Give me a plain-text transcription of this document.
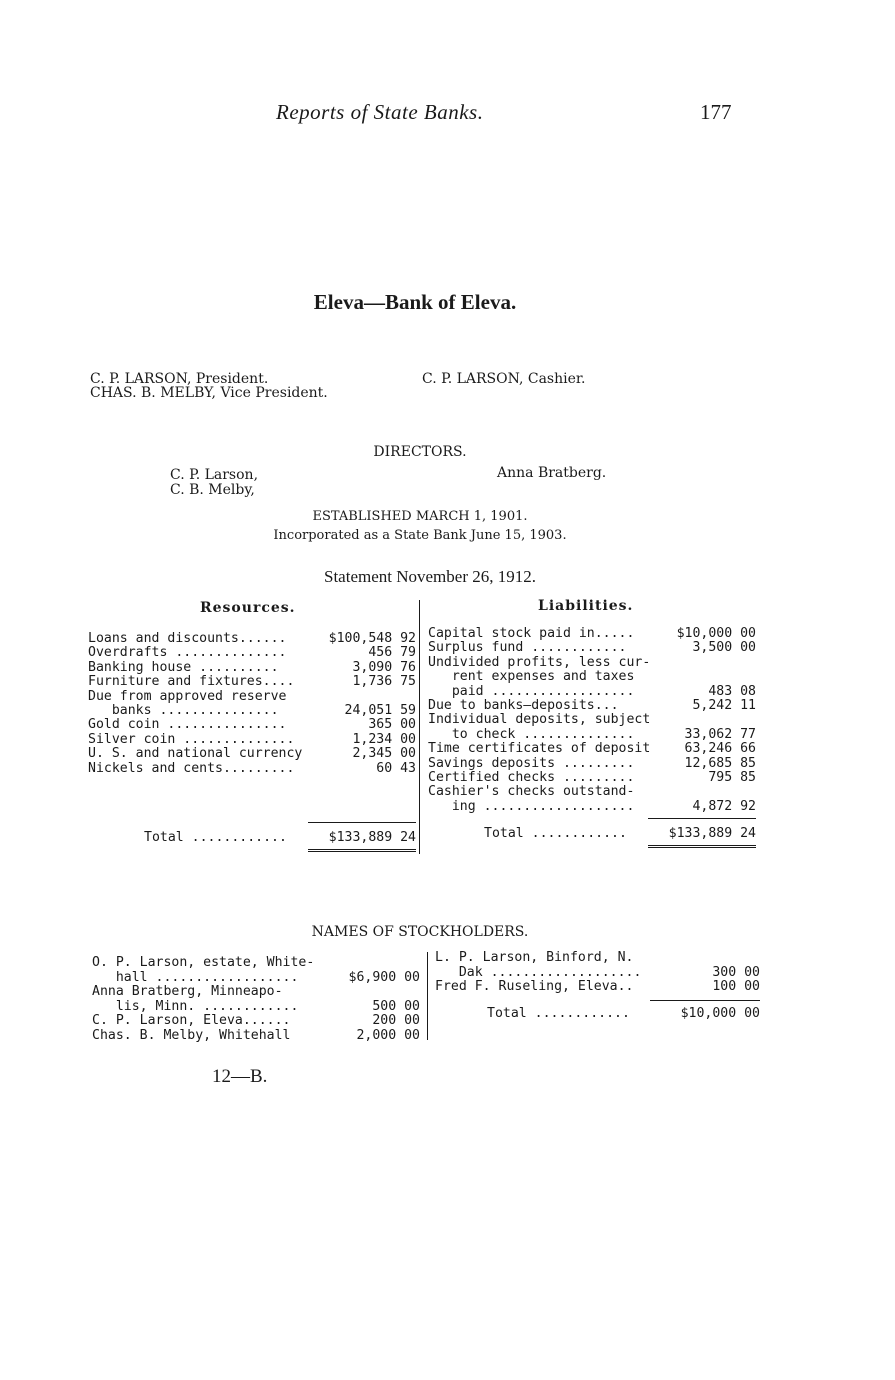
Reports of State Banks.	177
Eleva—Bank of Eleva.
C. P. LARSON, President.
CHAS. B. MELBY, Vice President.
C. P. LARSON, Cashier.
DIRECTORS.
C. P. Larson,
C. B. Melby,
Anna Bratberg.
ESTABLISHED MARCH 1, 1901.
Incorporated as a State Bank June 15, 1903.
Statement November 26, 1912.
Resources.	Liabilities.
Loans and discounts......	$100,548 92
Overdrafts ..............	456 79
Banking house ..........	3,090 76
Furniture and fixtures....	1,736 75
Due from approved reserve
banks ...............	24,051 59
Gold coin ...............	365 00
Silver coin ..............	1,234 00
U. S. and national currency	2,345 00
Nickels and cents.........	60 43
Capital stock paid in.....	$10,000 00
Surplus fund ............	3,500 00
Undivided profits, less cur-
rent expenses and taxes
paid ..................	483 08
Due to banks—deposits...	5,242 11
Individual deposits, subject
to check ..............	33,062 77
Time certificates of deposit	63,246 66
Savings deposits .........	12,685 85
Certified checks .........	795 85
Cashier's checks outstand-
ing ...................	4,872 92
Total ............	$133,889 24	Total ............	$133,889 24
NAMES OF STOCKHOLDERS.
O. P. Larson, estate, White-
hall ..................	$6,900 00
Anna Bratberg, Minneapo-
lis, Minn. ............	500 00
C. P. Larson, Eleva......	200 00
Chas. B. Melby, Whitehall	2,000 00
L. P. Larson, Binford, N.
Dak ...................	300 00
Fred F. Ruseling, Eleva..	100 00
Total ............	$10,000 00
12—B.
